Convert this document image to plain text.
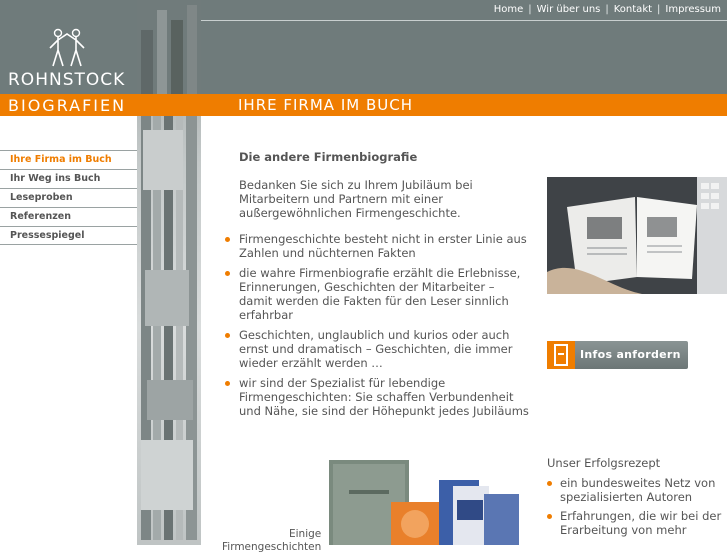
Home | Wir über uns | Kontakt | Impressum
ROHNSTOCK
BIOGRAFIEN	IHRE FIRMA IM BUCH
Ihre Firma im Buch
Ihr Weg ins Buch
Leseproben
Referenzen
Pressespiegel
Die andere Firmenbiografie
Bedanken Sie sich zu Ihrem Jubiläum bei Mitarbeitern und Partnern mit einer außergewöhnlichen Firmengeschichte.
Firmengeschichte besteht nicht in erster Linie aus Zahlen und nüchternen Fakten
die wahre Firmenbiografie erzählt die Erlebnisse, Erinnerungen, Geschichten der Mitarbeiter – damit werden die Fakten für den Leser sinnlich erfahrbar
Geschichten, unglaublich und kurios oder auch ernst und dramatisch – Geschichten, die immer wieder erzählt werden …
wir sind der Spezialist für lebendige Firmengeschichten: Sie schaffen Verbundenheit und Nähe, sie sind der Höhepunkt jedes Jubiläums
Infos anfordern
Einige
Firmengeschichten
Unser Erfolgsrezept
ein bundesweites Netz von spezialisierten Autoren
Erfahrungen, die wir bei der Erarbeitung von mehr
